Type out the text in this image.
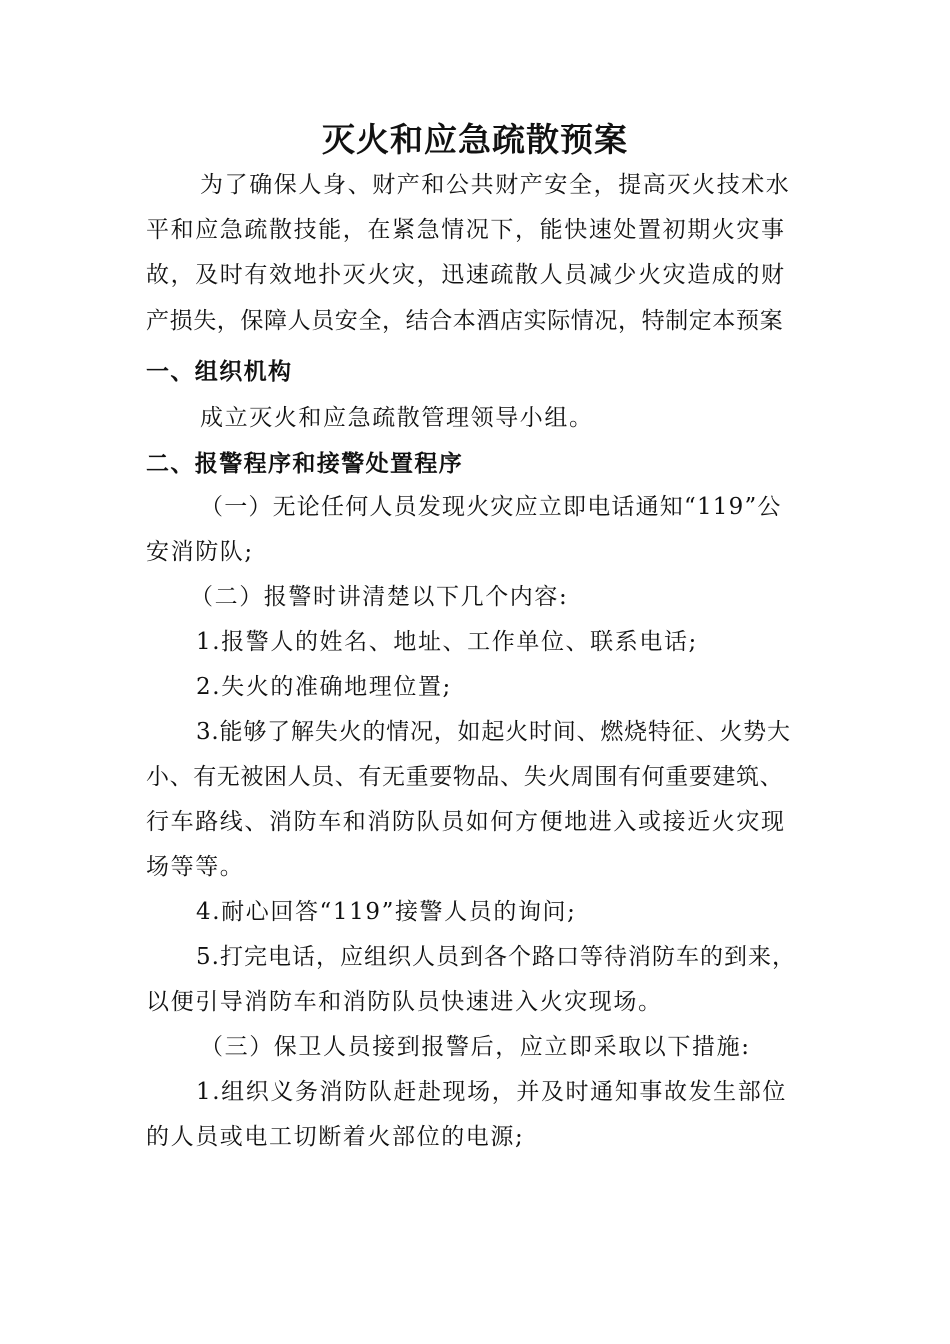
灭火和应急疏散预案
为了确保人身、财产和公共财产安全，提高灭火技术水
平和应急疏散技能，在紧急情况下，能快速处置初期火灾事
故，及时有效地扑灭火灾，迅速疏散人员减少火灾造成的财
产损失，保障人员安全，结合本酒店实际情况，特制定本预案
一、组织机构
成立灭火和应急疏散管理领导小组。
二、报警程序和接警处置程序
（一）无论任何人员发现火灾应立即电话通知“119”公
安消防队;
（二）报警时讲清楚以下几个内容:
1.报警人的姓名、地址、工作单位、联系电话;
2.失火的准确地理位置;
3.能够了解失火的情况，如起火时间、燃烧特征、火势大
小、有无被困人员、有无重要物品、失火周围有何重要建筑、
行车路线、消防车和消防队员如何方便地进入或接近火灾现
场等等。
4.耐心回答“119”接警人员的询问;
5.打完电话，应组织人员到各个路口等待消防车的到来，
以便引导消防车和消防队员快速进入火灾现场。
（三）保卫人员接到报警后，应立即采取以下措施:
1.组织义务消防队赶赴现场，并及时通知事故发生部位
的人员或电工切断着火部位的电源;
